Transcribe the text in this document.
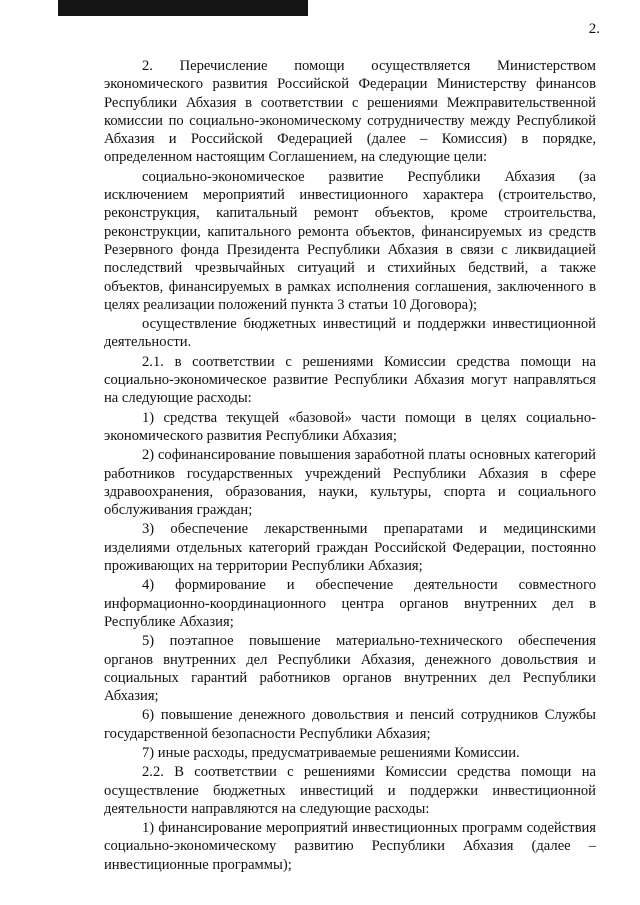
2.

2. Перечисление помощи осуществляется Министерством экономического развития Российской Федерации Министерству финансов Республики Абхазия в соответствии с решениями Межправительственной комиссии по социально-экономическому сотрудничеству между Республикой Абхазия и Российской Федерацией (далее – Комиссия) в порядке, определенном настоящим Соглашением, на следующие цели:

социально-экономическое развитие Республики Абхазия (за исключением мероприятий инвестиционного характера (строительство, реконструкция, капитальный ремонт объектов, кроме строительства, реконструкции, капитального ремонта объектов, финансируемых из средств Резервного фонда Президента Республики Абхазия в связи с ликвидацией последствий чрезвычайных ситуаций и стихийных бедствий, а также объектов, финансируемых в рамках исполнения соглашения, заключенного в целях реализации положений пункта 3 статьи 10 Договора);

осуществление бюджетных инвестиций и поддержки инвестиционной деятельности.

2.1. в соответствии с решениями Комиссии средства помощи на социально-экономическое развитие Республики Абхазия могут направляться на следующие расходы:

1) средства текущей «базовой» части помощи в целях социально-экономического развития Республики Абхазия;

2) софинансирование повышения заработной платы основных категорий работников государственных учреждений Республики Абхазия в сфере здравоохранения, образования, науки, культуры, спорта и социального обслуживания граждан;

3) обеспечение лекарственными препаратами и медицинскими изделиями отдельных категорий граждан Российской Федерации, постоянно проживающих на территории Республики Абхазия;

4) формирование и обеспечение деятельности совместного информационно-координационного центра органов внутренних дел в Республике Абхазия;

5) поэтапное повышение материально-технического обеспечения органов внутренних дел Республики Абхазия, денежного довольствия и социальных гарантий работников органов внутренних дел Республики Абхазия;

6) повышение денежного довольствия и пенсий сотрудников Службы государственной безопасности Республики Абхазия;

7) иные расходы, предусматриваемые решениями Комиссии.

2.2. В соответствии с решениями Комиссии средства помощи на осуществление бюджетных инвестиций и поддержки инвестиционной деятельности направляются на следующие расходы:

1) финансирование мероприятий инвестиционных программ содействия социально-экономическому развитию Республики Абхазия (далее – инвестиционные программы);
